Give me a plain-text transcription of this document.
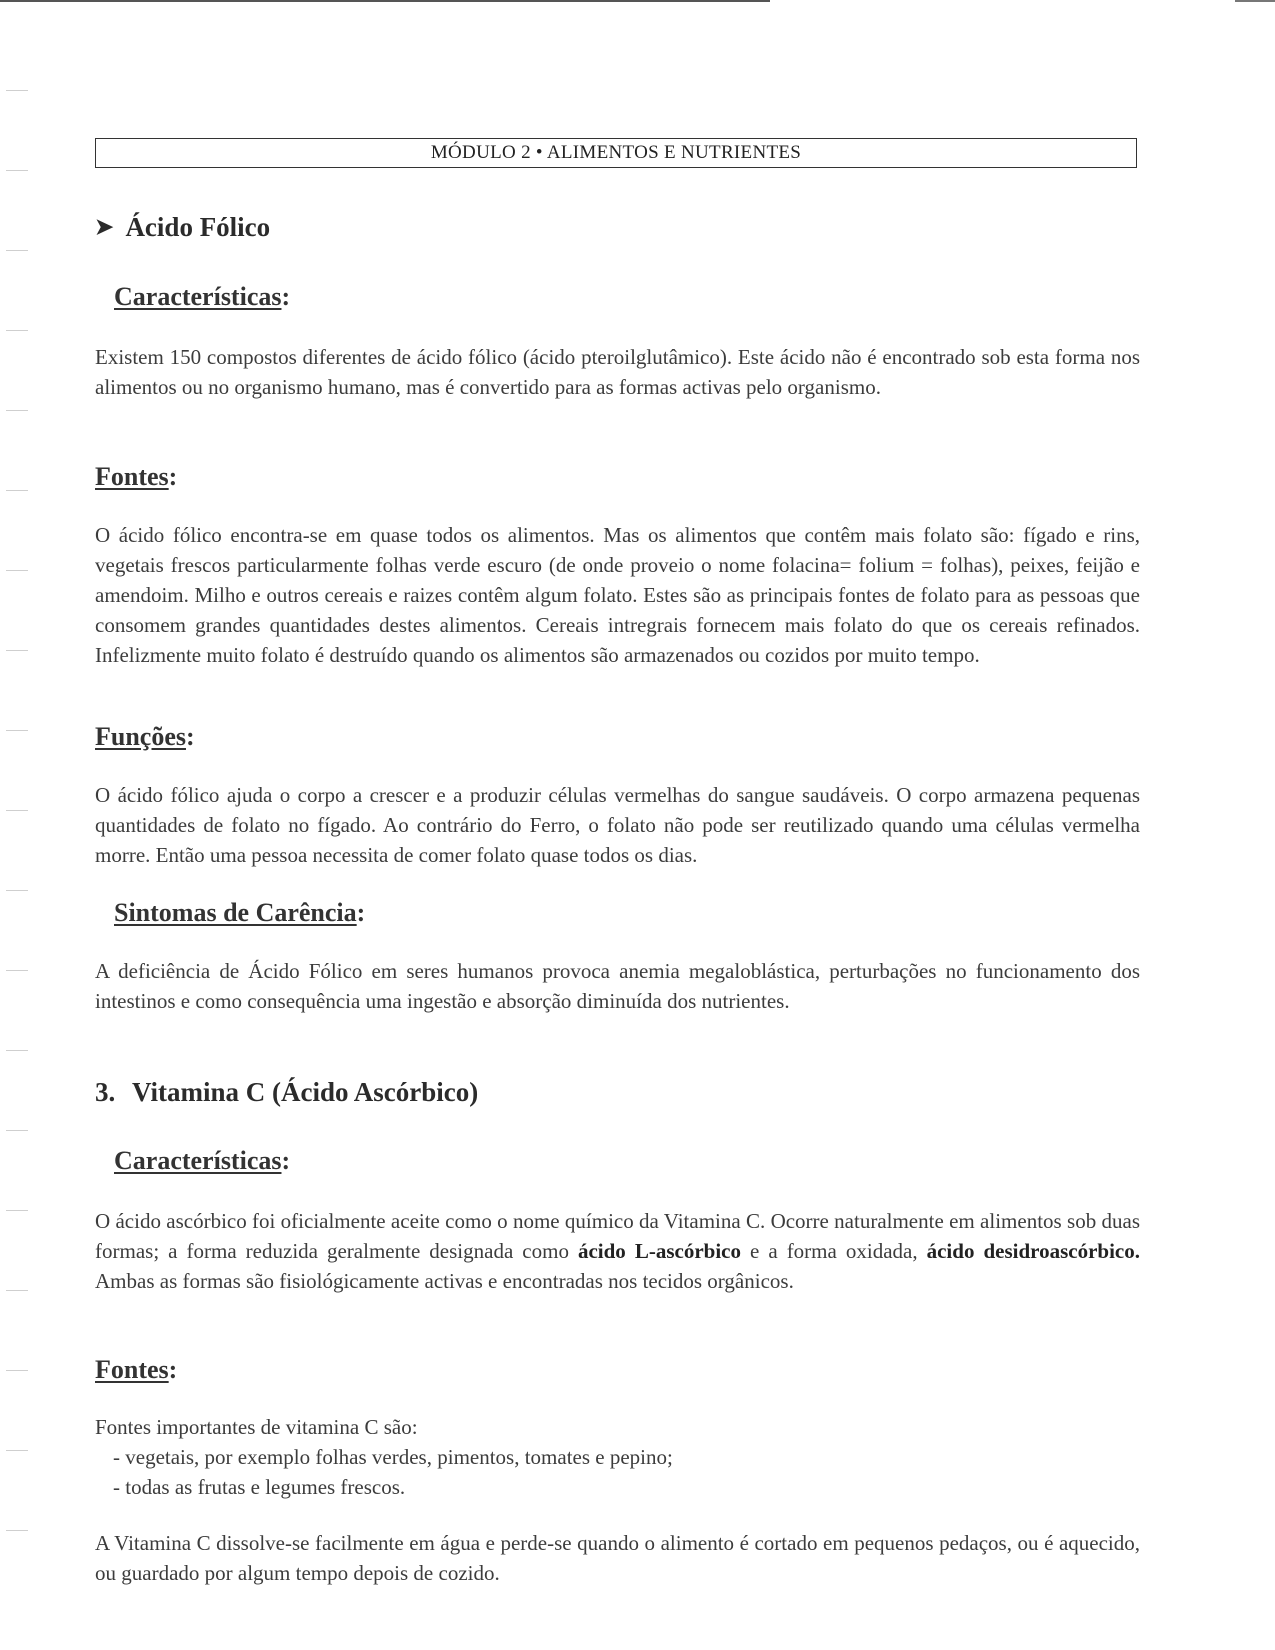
MÓDULO 2 • ALIMENTOS E NUTRIENTES
➤ Ácido Fólico
Características:
Existem 150 compostos diferentes de ácido fólico (ácido pteroilglutâmico). Este ácido não é encontrado sob esta forma nos alimentos ou no organismo humano, mas é convertido para as formas activas pelo organismo.
Fontes:
O ácido fólico encontra-se em quase todos os alimentos. Mas os alimentos que contêm mais folato são: fígado e rins, vegetais frescos particularmente folhas verde escuro (de onde proveio o nome folacina= folium = folhas), peixes, feijão e amendoim. Milho e outros cereais e raizes contêm algum folato. Estes são as principais fontes de folato para as pessoas que consomem grandes quantidades destes alimentos. Cereais intregrais fornecem mais folato do que os cereais refinados. Infelizmente muito folato é destruído quando os alimentos são armazenados ou cozidos por muito tempo.
Funções:
O ácido fólico ajuda o corpo a crescer e a produzir células vermelhas do sangue saudáveis. O corpo armazena pequenas quantidades de folato no fígado. Ao contrário do Ferro, o folato não pode ser reutilizado quando uma células vermelha morre. Então uma pessoa necessita de comer folato quase todos os dias.
Sintomas de Carência:
A deficiência de Ácido Fólico em seres humanos provoca anemia megaloblástica, perturbações no funcionamento dos intestinos e como consequência uma ingestão e absorção diminuída dos nutrientes.
3. Vitamina C (Ácido Ascórbico)
Características:
O ácido ascórbico foi oficialmente aceite como o nome químico da Vitamina C. Ocorre naturalmente em alimentos sob duas formas; a forma reduzida geralmente designada como ácido L-ascórbico e a forma oxidada, ácido desidroascórbico. Ambas as formas são fisiológicamente activas e encontradas nos tecidos orgânicos.
Fontes:
Fontes importantes de vitamina C são:
- vegetais, por exemplo folhas verdes, pimentos, tomates e pepino;
- todas as frutas e legumes frescos.
A Vitamina C dissolve-se facilmente em água e perde-se quando o alimento é cortado em pequenos pedaços, ou é aquecido, ou guardado por algum tempo depois de cozido.
